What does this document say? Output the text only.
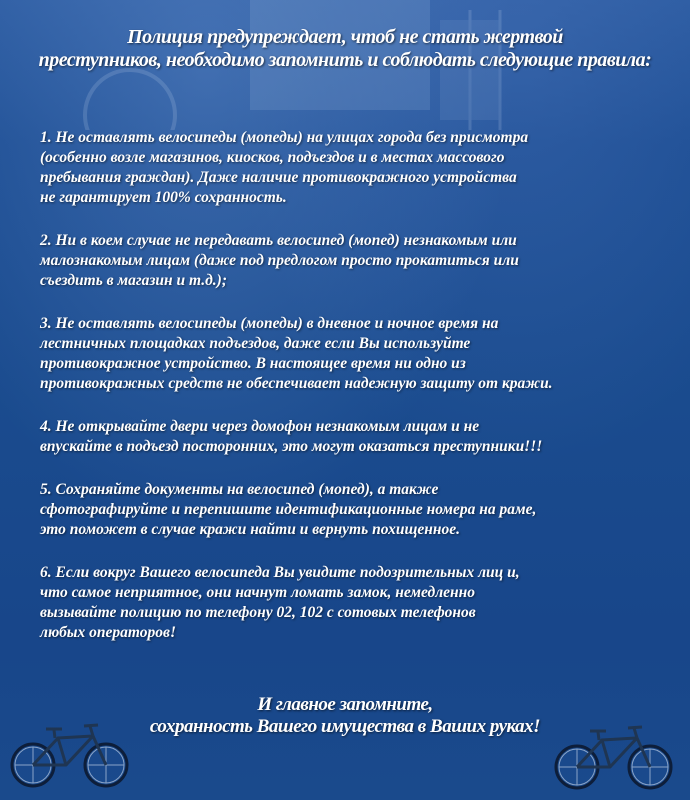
Полиция предупреждает, чтоб не стать жертвой
преступников, необходимо запомнить и соблюдать следующие правила:
1. Не оставлять велосипеды (мопеды) на улицах города без присмотра
(особенно возле магазинов, киосков, подъездов и в местах массового
пребывания граждан). Даже наличие противокражного устройства
не гарантирует 100% сохранность.
2. Ни в коем случае не передавать велосипед (мопед) незнакомым или
малознакомым лицам (даже под предлогом просто прокатиться или
съездить в магазин и т.д.);
3. Не оставлять велосипеды (мопеды) в дневное и ночное время на
лестничных площадках подъездов, даже если Вы используйте
противокражное устройство. В настоящее время ни одно из
противокражных средств не обеспечивает надежную защиту от кражи.
4. Не открывайте двери через домофон незнакомым лицам и не
впускайте в подъезд посторонних, это могут оказаться преступники!!!
5. Сохраняйте документы на велосипед (мопед), а также
сфотографируйте и перепишите идентификационные номера на раме,
это поможет в случае кражи найти и вернуть похищенное.
6. Если вокруг Вашего велосипеда Вы увидите подозрительных лиц и,
что самое неприятное, они начнут ломать замок, немедленно
вызывайте полицию по телефону 02, 102 с сотовых телефонов
любых операторов!
И главное запомните,
сохранность Вашего имущества в Ваших руках!
